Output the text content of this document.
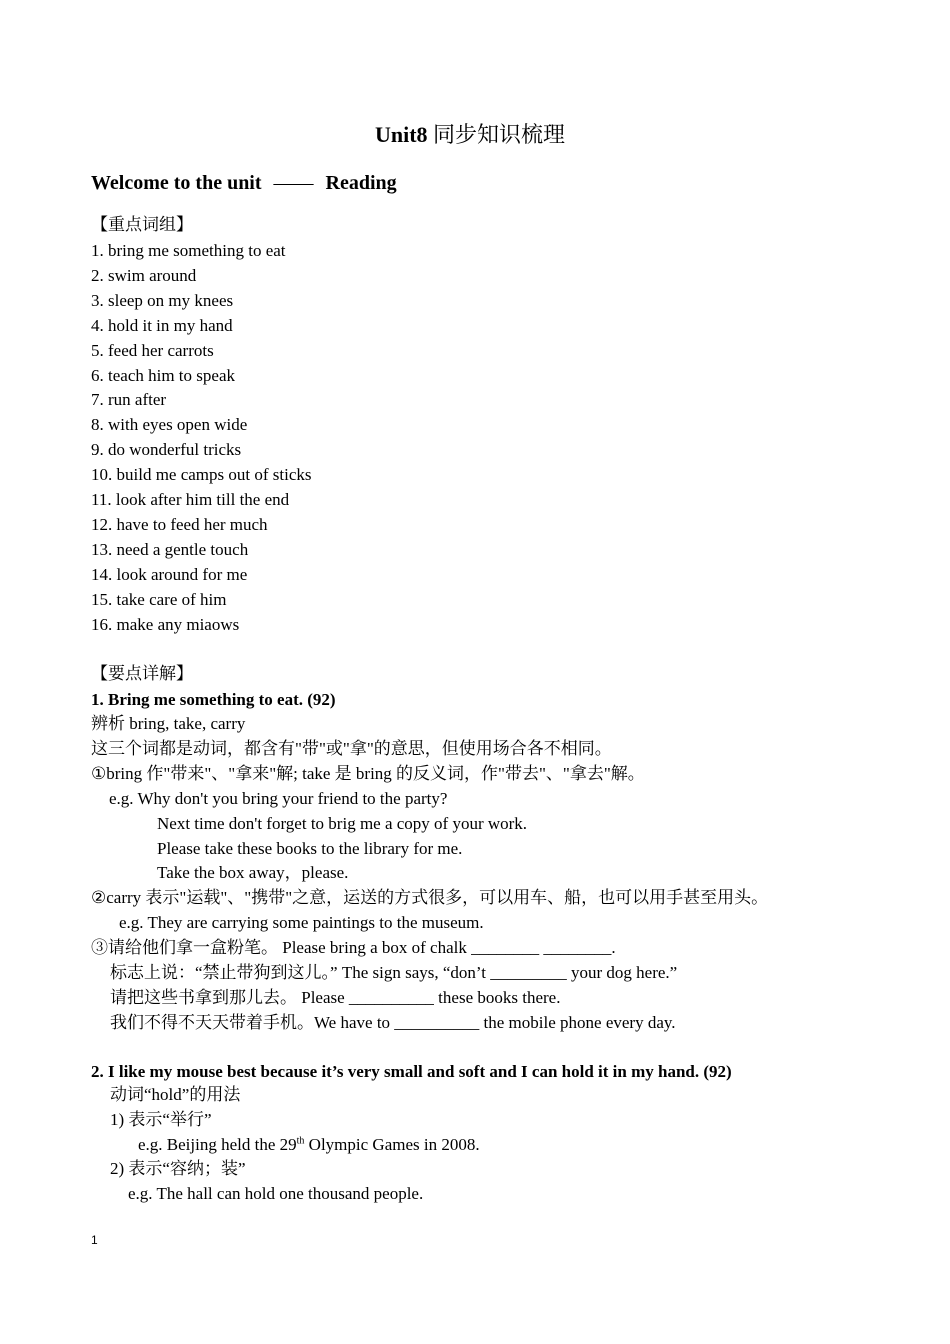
Unit8 同步知识梳理
Welcome to the unit —— Reading
【重点词组】
1. bring me something to eat
2. swim around
3. sleep on my knees
4. hold it in my hand
5. feed her carrots
6. teach him to speak
7. run after
8. with eyes open wide
9. do wonderful tricks
10. build me camps out of sticks
11. look after him till the end
12. have to feed her much
13. need a gentle touch
14. look around for me
15. take care of him
16. make any miaows
【要点详解】
1. Bring me something to eat. (92)
辨析 bring, take, carry
这三个词都是动词，都含有"带"或"拿"的意思，但使用场合各不相同。
①bring 作"带来"、"拿来"解; take 是 bring 的反义词，作"带去"、"拿去"解。
e.g. Why don't you bring your friend to the party?
Next time don't forget to brig me a copy of your work.
Please take these books to the library for me.
Take the box away，please.
②carry 表示"运载"、"携带"之意，运送的方式很多，可以用车、船，也可以用手甚至用头。
e.g. They are carrying some paintings to the museum.
③请给他们拿一盒粉笔。 Please bring a box of chalk ________ ________.
标志上说：“禁止带狗到这儿。” The sign says, “don’t _________ your dog here.”
请把这些书拿到那儿去。 Please __________ these books there.
我们不得不天天带着手机。We have to __________ the mobile phone every day.
2. I like my mouse best because it’s very small and soft and I can hold it in my hand. (92)
动词“hold”的用法
1) 表示“举行”
e.g. Beijing held the 29th Olympic Games in 2008.
2) 表示“容纳；装”
e.g. The hall can hold one thousand people.
1
